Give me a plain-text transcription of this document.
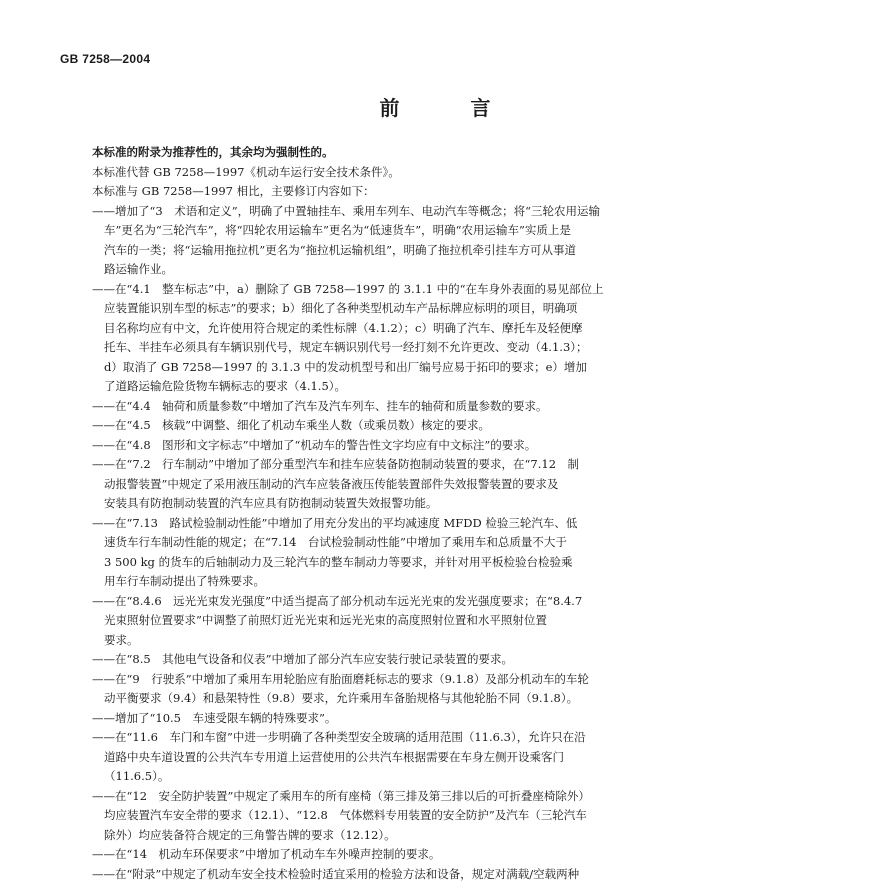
GB 7258—2004
前 言
本标准的附录为推荐性的，其余均为强制性的。
本标准代替 GB 7258—1997《机动车运行安全技术条件》。
本标准与 GB 7258—1997 相比，主要修订内容如下：
——增加了“3　术语和定义”，明确了中置轴挂车、乘用车列车、电动汽车等概念；将“三轮农用运输
车”更名为“三轮汽车”，将“四轮农用运输车”更名为“低速货车”，明确“农用运输车”实质上是
汽车的一类；将“运输用拖拉机”更名为“拖拉机运输机组”，明确了拖拉机牵引挂车方可从事道
路运输作业。
——在“4.1　整车标志”中，a）删除了 GB 7258—1997 的 3.1.1 中的“在车身外表面的易见部位上
应装置能识别车型的标志”的要求；b）细化了各种类型机动车产品标牌应标明的项目，明确项
目名称均应有中文，允许使用符合规定的柔性标牌（4.1.2）；c）明确了汽车、摩托车及轻便摩
托车、半挂车必须具有车辆识别代号，规定车辆识别代号一经打刻不允许更改、变动（4.1.3）；
d）取消了 GB 7258—1997 的 3.1.3 中的发动机型号和出厂编号应易于拓印的要求；e）增加
了道路运输危险货物车辆标志的要求（4.1.5）。
——在“4.4　轴荷和质量参数”中增加了汽车及汽车列车、挂车的轴荷和质量参数的要求。
——在“4.5　核载”中调整、细化了机动车乘坐人数（或乘员数）核定的要求。
——在“4.8　图形和文字标志”中增加了“机动车的警告性文字均应有中文标注”的要求。
——在“7.2　行车制动”中增加了部分重型汽车和挂车应装备防抱制动装置的要求，在“7.12　制
动报警装置”中规定了采用液压制动的汽车应装备液压传能装置部件失效报警装置的要求及
安装具有防抱制动装置的汽车应具有防抱制动装置失效报警功能。
——在“7.13　路试检验制动性能”中增加了用充分发出的平均减速度 MFDD 检验三轮汽车、低
速货车行车制动性能的规定；在“7.14　台试检验制动性能”中增加了乘用车和总质量不大于
3 500 kg 的货车的后轴制动力及三轮汽车的整车制动力等要求，并针对用平板检验台检验乘
用车行车制动提出了特殊要求。
——在“8.4.6　远光光束发光强度”中适当提高了部分机动车远光光束的发光强度要求；在“8.4.7
光束照射位置要求”中调整了前照灯近光光束和远光光束的高度照射位置和水平照射位置
要求。
——在“8.5　其他电气设备和仪表”中增加了部分汽车应安装行驶记录装置的要求。
——在“9　行驶系”中增加了乘用车用轮胎应有胎面磨耗标志的要求（9.1.8）及部分机动车的车轮
动平衡要求（9.4）和悬架特性（9.8）要求，允许乘用车备胎规格与其他轮胎不同（9.1.8）。
——增加了“10.5　车速受限车辆的特殊要求”。
——在“11.6　车门和车窗”中进一步明确了各种类型安全玻璃的适用范围（11.6.3），允许只在沿
道路中央车道设置的公共汽车专用道上运营使用的公共汽车根据需要在车身左侧开设乘客门
（11.6.5）。
——在“12　安全防护装置”中规定了乘用车的所有座椅（第三排及第三排以后的可折叠座椅除外）
均应装置汽车安全带的要求（12.1）、“12.8　气体燃料专用装置的安全防护”及汽车（三轮汽车
除外）均应装备符合规定的三角警告牌的要求（12.12）。
——在“14　机动车环保要求”中增加了机动车车外噪声控制的要求。
——在“附录”中规定了机动车安全技术检验时适宜采用的检验方法和设备，规定对满载/空载两种
